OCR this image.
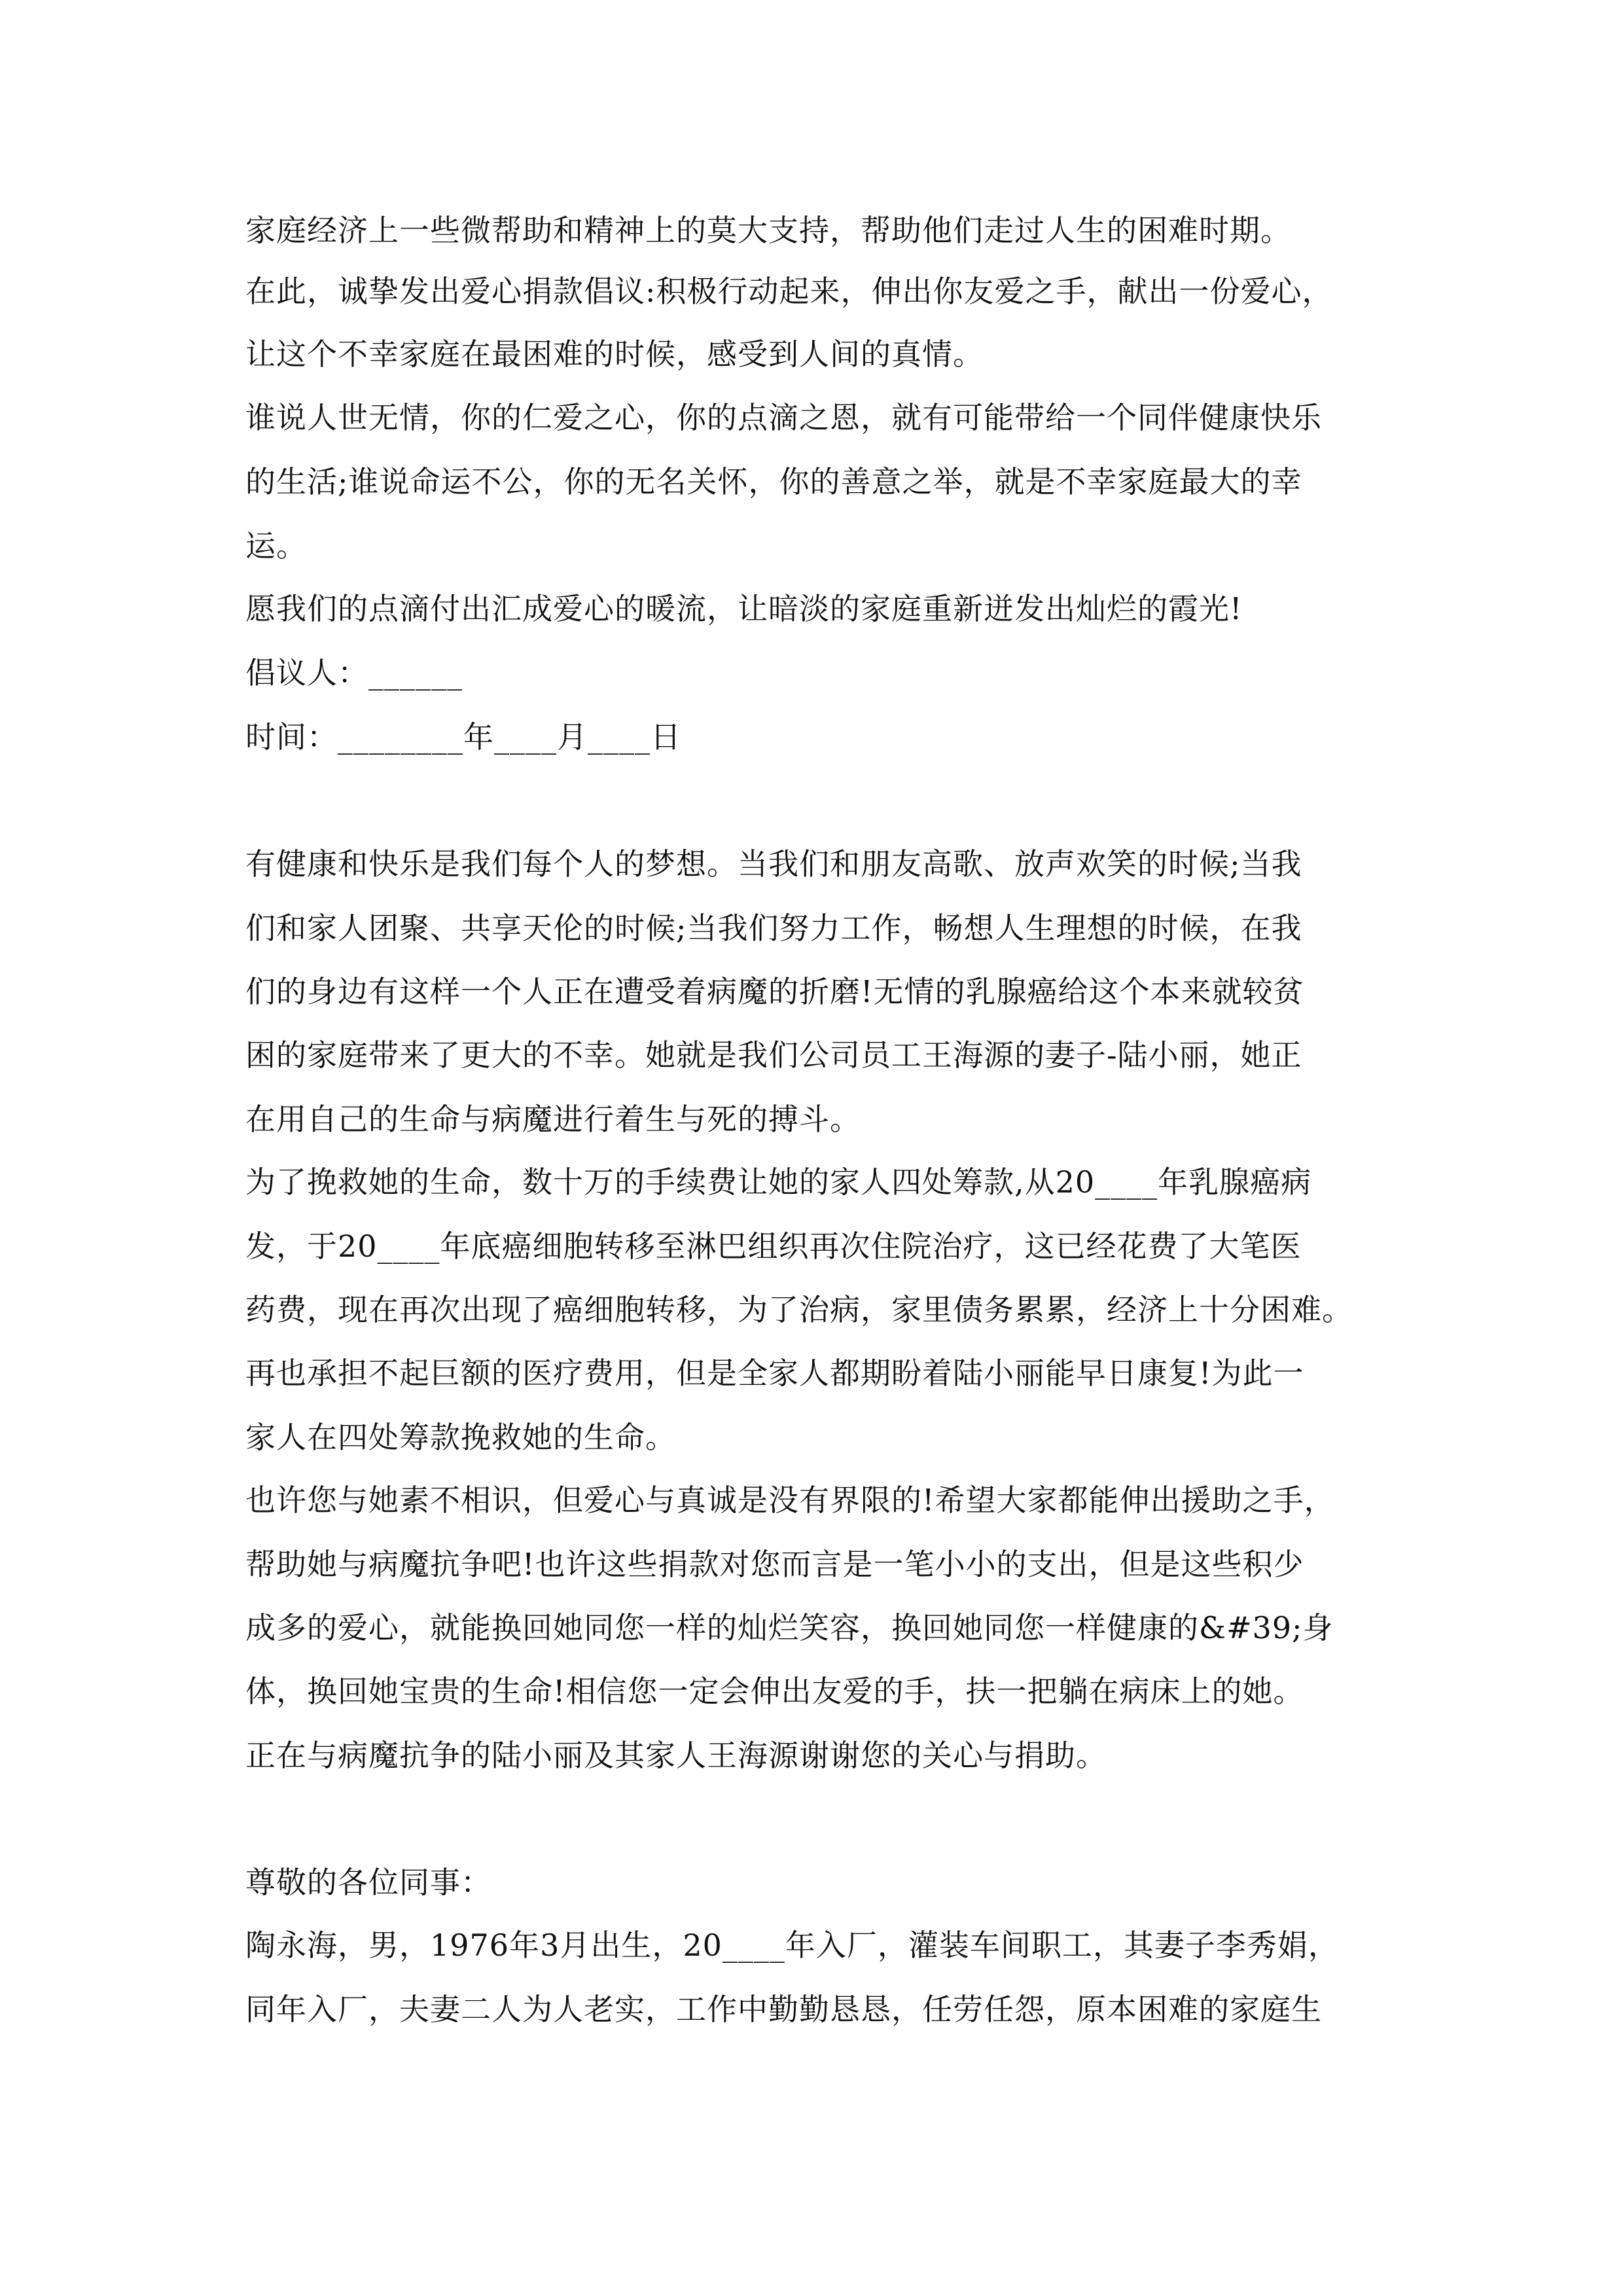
家庭经济上一些微帮助和精神上的莫大支持，帮助他们走过人生的困难时期。
在此，诚挚发出爱心捐款倡议:积极行动起来，伸出你友爱之手，献出一份爱心，
让这个不幸家庭在最困难的时候，感受到人间的真情。
谁说人世无情，你的仁爱之心，你的点滴之恩，就有可能带给一个同伴健康快乐
的生活;谁说命运不公，你的无名关怀，你的善意之举，就是不幸家庭最大的幸
运。
愿我们的点滴付出汇成爱心的暖流，让暗淡的家庭重新迸发出灿烂的霞光!
倡议人：______
时间：________年____月____日
有健康和快乐是我们每个人的梦想。当我们和朋友高歌、放声欢笑的时候;当我
们和家人团聚、共享天伦的时候;当我们努力工作，畅想人生理想的时候，在我
们的身边有这样一个人正在遭受着病魔的折磨!无情的乳腺癌给这个本来就较贫
困的家庭带来了更大的不幸。她就是我们公司员工王海源的妻子-陆小丽，她正
在用自己的生命与病魔进行着生与死的搏斗。
为了挽救她的生命，数十万的手续费让她的家人四处筹款,从20____年乳腺癌病
发，于20____年底癌细胞转移至淋巴组织再次住院治疗，这已经花费了大笔医
药费，现在再次出现了癌细胞转移，为了治病，家里债务累累，经济上十分困难。
再也承担不起巨额的医疗费用，但是全家人都期盼着陆小丽能早日康复!为此一
家人在四处筹款挽救她的生命。
也许您与她素不相识，但爱心与真诚是没有界限的!希望大家都能伸出援助之手，
帮助她与病魔抗争吧!也许这些捐款对您而言是一笔小小的支出，但是这些积少
成多的爱心，就能换回她同您一样的灿烂笑容，换回她同您一样健康的&#39;身
体，换回她宝贵的生命!相信您一定会伸出友爱的手，扶一把躺在病床上的她。
正在与病魔抗争的陆小丽及其家人王海源谢谢您的关心与捐助。
尊敬的各位同事：
陶永海，男，1976年3月出生，20____年入厂，灌装车间职工，其妻子李秀娟，
同年入厂，夫妻二人为人老实，工作中勤勤恳恳，任劳任怨，原本困难的家庭生
